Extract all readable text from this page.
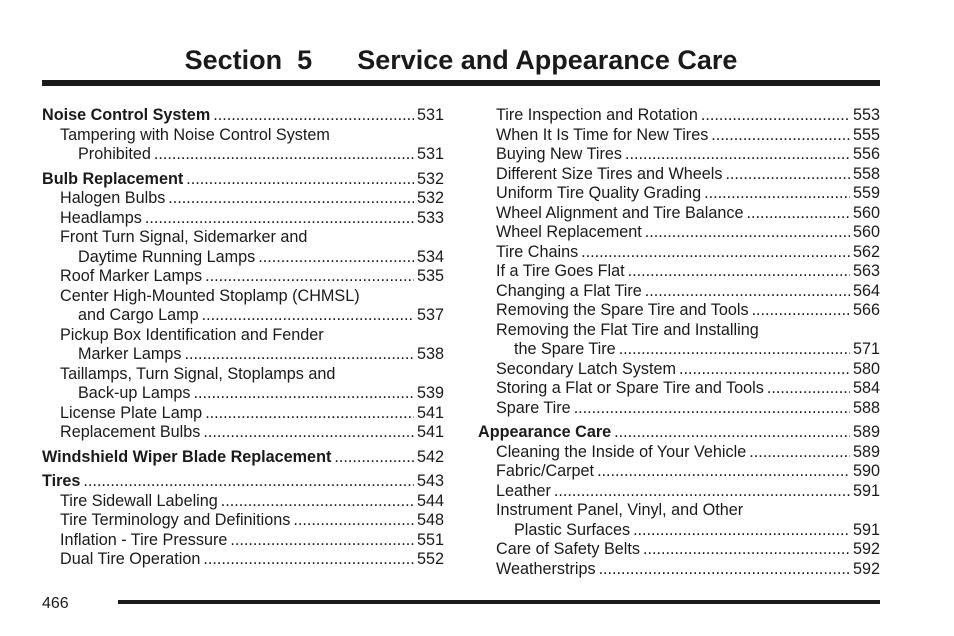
Section 5 Service and Appearance Care
Noise Control System .....	531
Tampering with Noise Control System
Prohibited .....	531
Bulb Replacement .....	532
Halogen Bulbs .....	532
Headlamps .....	533
Front Turn Signal, Sidemarker and
Daytime Running Lamps .....	534
Roof Marker Lamps .....	535
Center High-Mounted Stoplamp (CHMSL)
and Cargo Lamp .....	537
Pickup Box Identification and Fender
Marker Lamps .....	538
Taillamps, Turn Signal, Stoplamps and
Back-up Lamps .....	539
License Plate Lamp .....	541
Replacement Bulbs .....	541
Windshield Wiper Blade Replacement .....	542
Tires .....	543
Tire Sidewall Labeling .....	544
Tire Terminology and Definitions .....	548
Inflation - Tire Pressure .....	551
Dual Tire Operation .....	552
Tire Inspection and Rotation .....	553
When It Is Time for New Tires .....	555
Buying New Tires .....	556
Different Size Tires and Wheels .....	558
Uniform Tire Quality Grading .....	559
Wheel Alignment and Tire Balance .....	560
Wheel Replacement .....	560
Tire Chains .....	562
If a Tire Goes Flat .....	563
Changing a Flat Tire .....	564
Removing the Spare Tire and Tools .....	566
Removing the Flat Tire and Installing
the Spare Tire .....	571
Secondary Latch System .....	580
Storing a Flat or Spare Tire and Tools .....	584
Spare Tire .....	588
Appearance Care .....	589
Cleaning the Inside of Your Vehicle .....	589
Fabric/Carpet .....	590
Leather .....	591
Instrument Panel, Vinyl, and Other
Plastic Surfaces .....	591
Care of Safety Belts .....	592
Weatherstrips .....	592
466
